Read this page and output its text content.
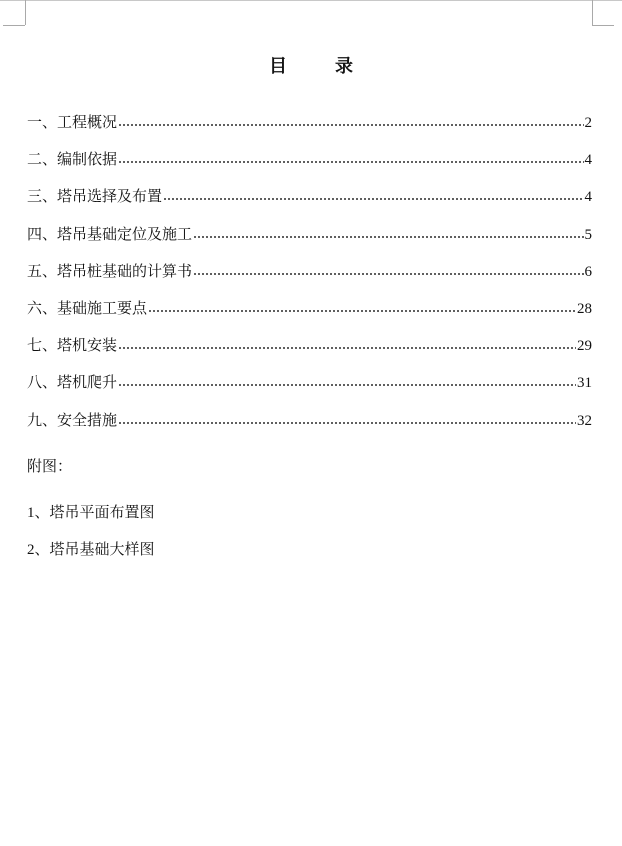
目	录
一、工程概况	2
二、编制依据	4
三、塔吊选择及布置	4
四、塔吊基础定位及施工	5
五、塔吊桩基础的计算书	6
六、基础施工要点	28
七、塔机安装	29
八、塔机爬升	31
九、安全措施	32
附图：
1、塔吊平面布置图
2、塔吊基础大样图
